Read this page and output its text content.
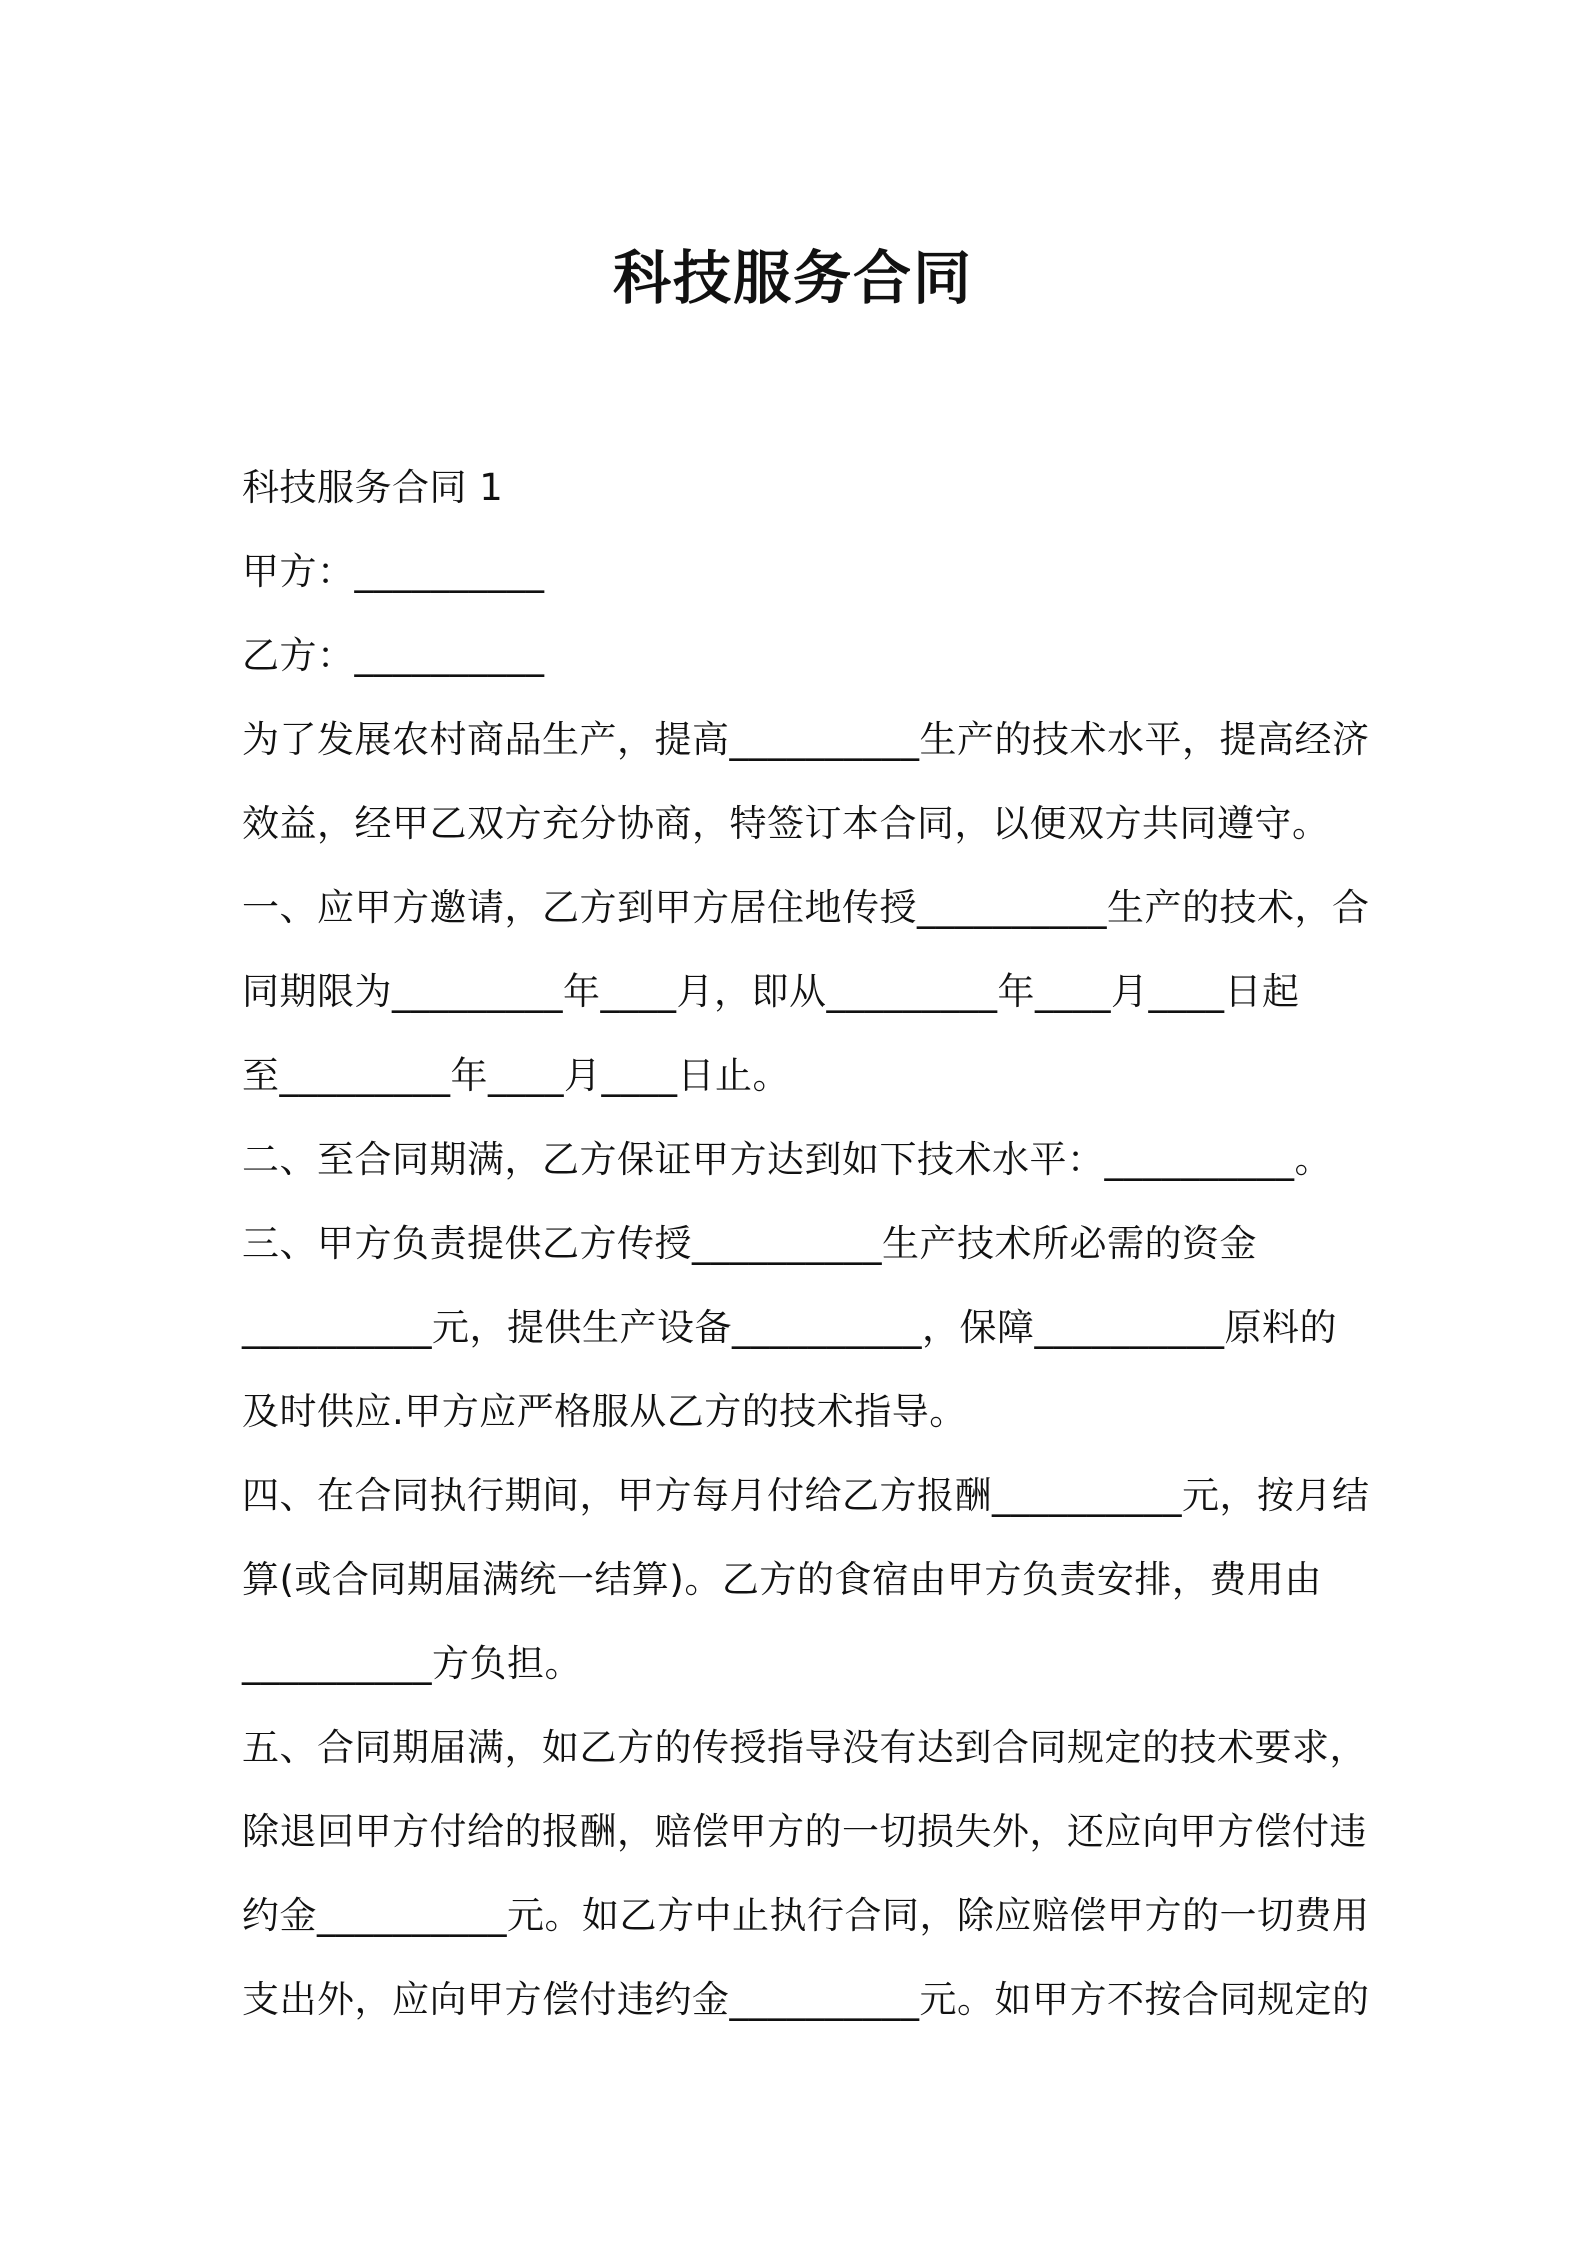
科技服务合同

科技服务合同 1

甲方：__________

乙方：__________

为了发展农村商品生产，提高__________生产的技术水平，提高经济

效益，经甲乙双方充分协商，特签订本合同，以便双方共同遵守。

一、应甲方邀请，乙方到甲方居住地传授__________生产的技术，合

同期限为_________年____月，即从_________年____月____日起

至_________年____月____日止。

二、至合同期满，乙方保证甲方达到如下技术水平：__________。

三、甲方负责提供乙方传授__________生产技术所必需的资金

__________元，提供生产设备__________，保障__________原料的

及时供应.甲方应严格服从乙方的技术指导。

四、在合同执行期间，甲方每月付给乙方报酬__________元，按月结

算(或合同期届满统一结算)。乙方的食宿由甲方负责安排，费用由

__________方负担。

五、合同期届满，如乙方的传授指导没有达到合同规定的技术要求，

除退回甲方付给的报酬，赔偿甲方的一切损失外，还应向甲方偿付违

约金__________元。如乙方中止执行合同，除应赔偿甲方的一切费用

支出外，应向甲方偿付违约金__________元。如甲方不按合同规定的
